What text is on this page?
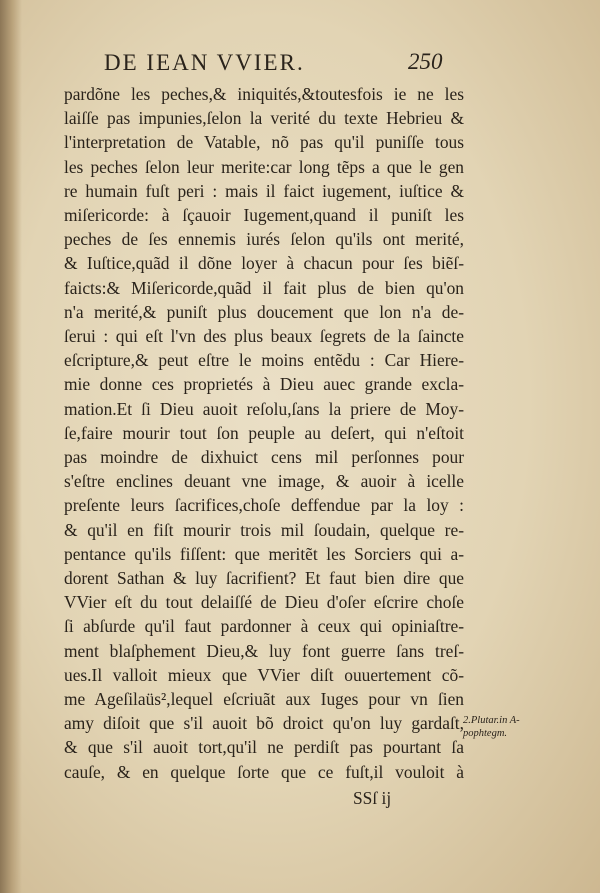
DE IEAN VVIER.	250
pardõne les peches,& iniquités,&toutesfois ie ne les
laiſſe pas impunies,ſelon la verité du texte Hebrieu &
l'interpretation de Vatable, nõ pas qu'il puniſſe tous
les peches ſelon leur merite:car long tẽps a que le gen
re humain fuſt peri : mais il faict iugement, iuſtice &
miſericorde: à ſçauoir Iugement,quand il puniſt les
peches de ſes ennemis iurés ſelon qu'ils ont merité,
& Iuſtice,quãd il dõne loyer à chacun pour ſes biẽſ-
faicts:& Miſericorde,quãd il fait plus de bien qu'on
n'a merité,& puniſt plus doucement que lon n'a de-
ſerui : qui eſt l'vn des plus beaux ſegrets de la ſaincte
eſcripture,& peut eſtre le moins entẽdu : Car Hiere-
mie donne ces proprietés à Dieu auec grande excla-
mation.Et ſi Dieu auoit reſolu,ſans la priere de Moy-
ſe,faire mourir tout ſon peuple au deſert, qui n'eſtoit
pas moindre de dixhuict cens mil perſonnes pour
s'eſtre enclines deuant vne image, & auoir à icelle
preſente leurs ſacrifices,choſe deffendue par la loy :
& qu'il en fiſt mourir trois mil ſoudain, quelque re-
pentance qu'ils fiſſent: que meritẽt les Sorciers qui a-
dorent Sathan & luy ſacrifient? Et faut bien dire que
VVier eſt du tout delaiſſé de Dieu d'oſer eſcrire choſe
ſi abſurde qu'il faut pardonner à ceux qui opiniaſtre-
ment blaſphement Dieu,& luy font guerre ſans treſ-
ues.Il valloit mieux que VVier diſt ouuertement cõ-
me Ageſilaüs²,lequel eſcriuãt aux Iuges pour vn ſien
amy diſoit que s'il auoit bõ droict qu'on luy gardaſt,
& que s'il auoit tort,qu'il ne perdiſt pas pourtant ſa
cauſe, & en quelque ſorte que ce fuſt,il vouloit à
2.Plutar.in A-pophtegm.
SSſ ij
